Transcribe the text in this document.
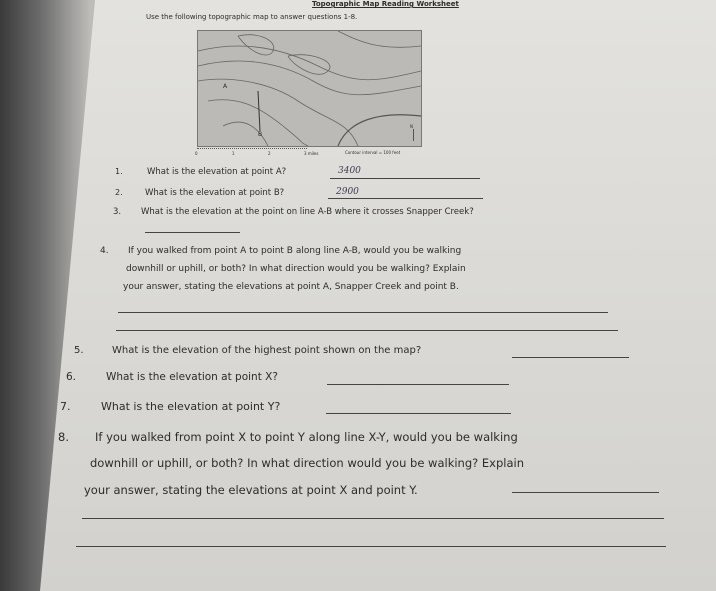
Topographic Map Reading Worksheet
Use the following topographic map to answer questions 1-8.
A
B
N
0	1	2	3 miles	Contour interval = 100 feet
1.	What is the elevation at point A?	3400
2.	What is the elevation at point B?	2900
3. What is the elevation at the point on line A-B where it crosses Snapper Creek?
4. If you walked from point A to point B along line A-B, would you be walking
downhill or uphill, or both? In what direction would you be walking? Explain
your answer, stating the elevations at point A, Snapper Creek and point B.
5.	What is the elevation of the highest point shown on the map?
6.	What is the elevation at point X?
7.	What is the elevation at point Y?
8. If you walked from point X to point Y along line X-Y, would you be walking
downhill or uphill, or both? In what direction would you be walking? Explain
your answer, stating the elevations at point X and point Y.
